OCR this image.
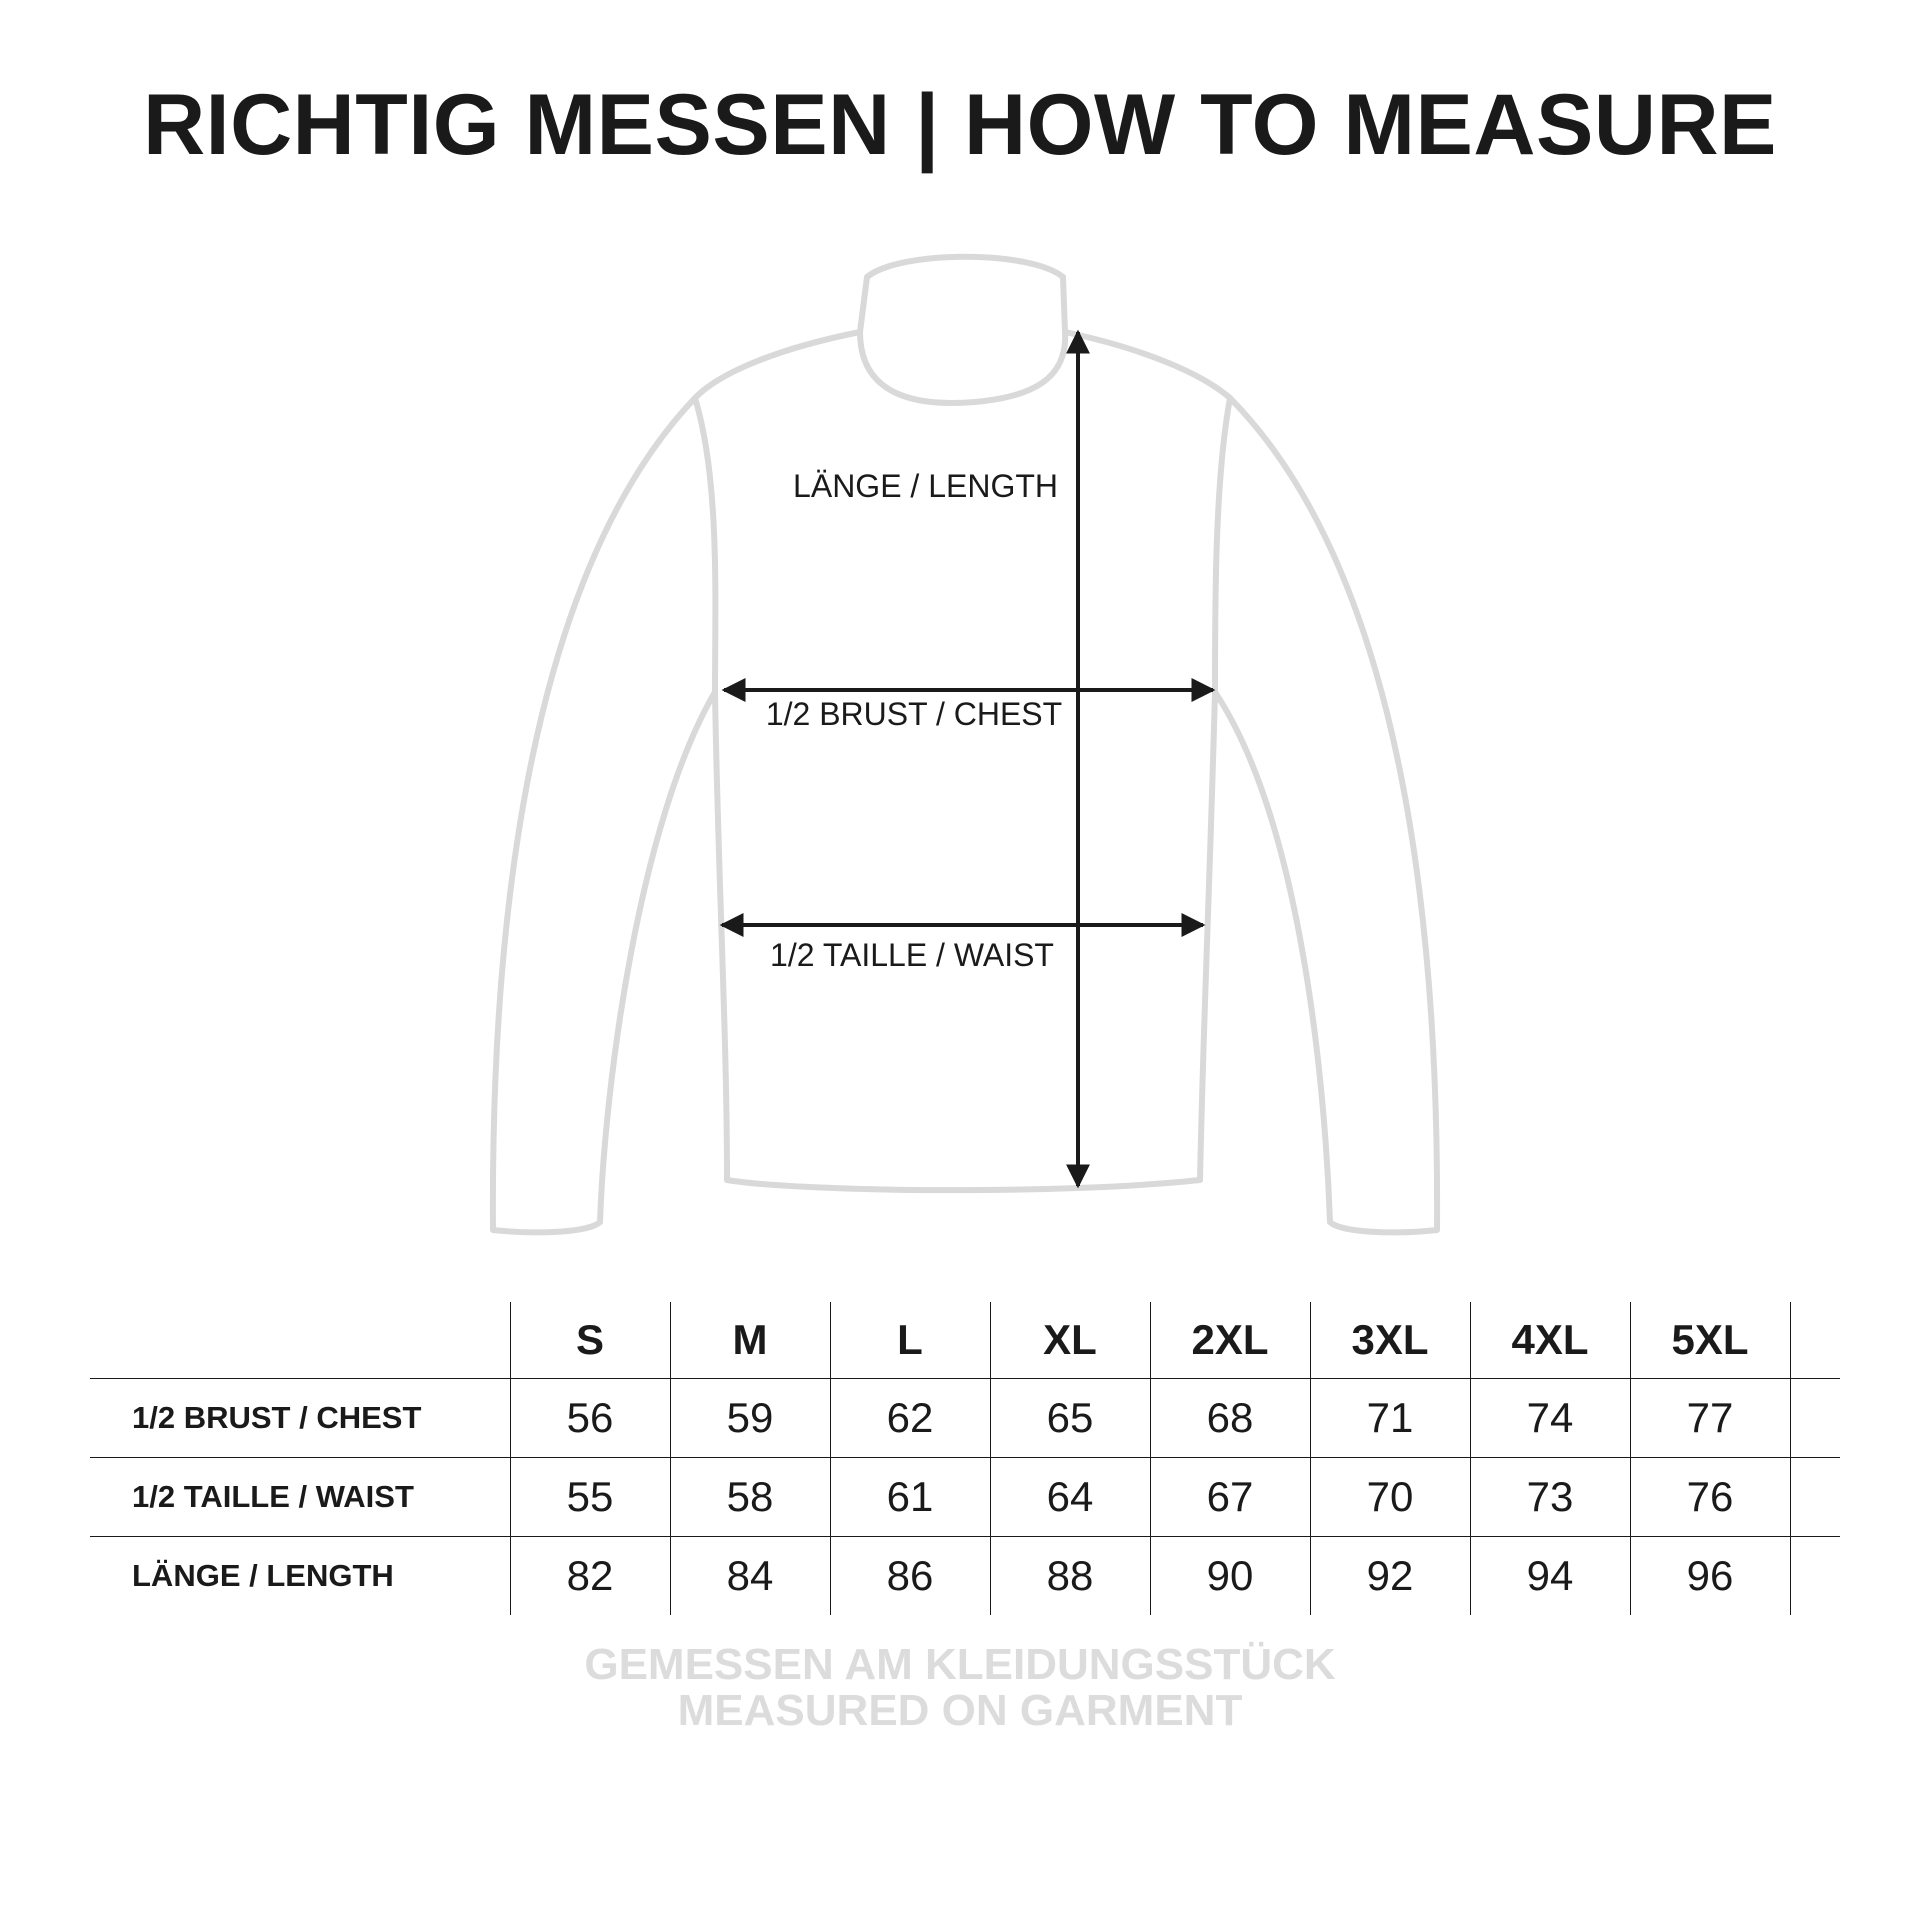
RICHTIG MESSEN | HOW TO MEASURE
LÄNGE / LENGTH
1/2 BRUST / CHEST
1/2 TAILLE / WAIST
	S	M	L	XL	2XL	3XL	4XL	5XL	
1/2 BRUST / CHEST	56	59	62	65	68	71	74	77	
1/2 TAILLE / WAIST	55	58	61	64	67	70	73	76	
LÄNGE / LENGTH	82	84	86	88	90	92	94	96	
GEMESSEN AM KLEIDUNGSSTÜCK
MEASURED ON GARMENT
